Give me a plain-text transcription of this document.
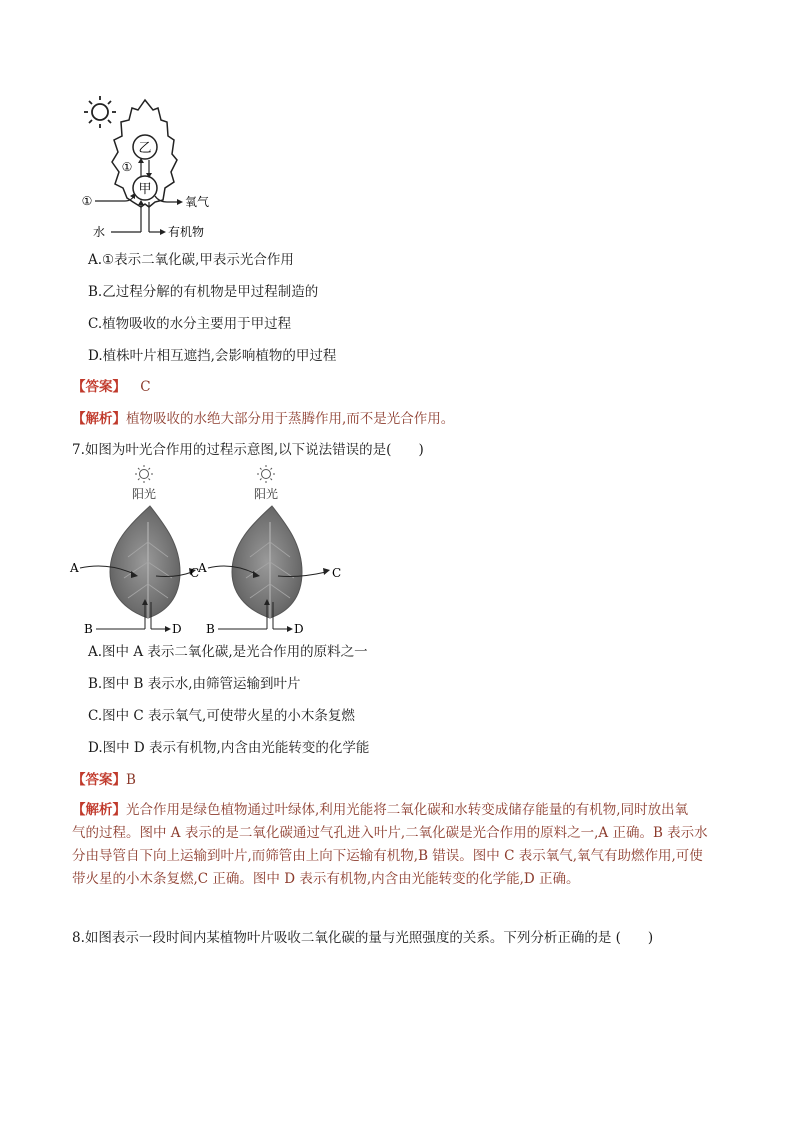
乙
甲
①
①	氧气
水	有机物
A.①表示二氧化碳,甲表示光合作用
B.乙过程分解的有机物是甲过程制造的
C.植物吸收的水分主要用于甲过程
D.植株叶片相互遮挡,会影响植物的甲过程
【答案】 C
【解析】植物吸收的水绝大部分用于蒸腾作用,而不是光合作用。
7.如图为叶光合作用的过程示意图,以下说法错误的是(　　)
阳光
A	C
B	D
阳光
A	C
B	D
A.图中 A 表示二氧化碳,是光合作用的原料之一
B.图中 B 表示水,由筛管运输到叶片
C.图中 C 表示氧气,可使带火星的小木条复燃
D.图中 D 表示有机物,内含由光能转变的化学能
【答案】B
【解析】光合作用是绿色植物通过叶绿体,利用光能将二氧化碳和水转变成储存能量的有机物,同时放出氧
气的过程。图中 A 表示的是二氧化碳通过气孔进入叶片,二氧化碳是光合作用的原料之一,A 正确。B 表示水
分由导管自下向上运输到叶片,而筛管由上向下运输有机物,B 错误。图中 C 表示氧气,氧气有助燃作用,可使
带火星的小木条复燃,C 正确。图中 D 表示有机物,内含由光能转变的化学能,D 正确。
8.如图表示一段时间内某植物叶片吸收二氧化碳的量与光照强度的关系。下列分析正确的是 (　　)
